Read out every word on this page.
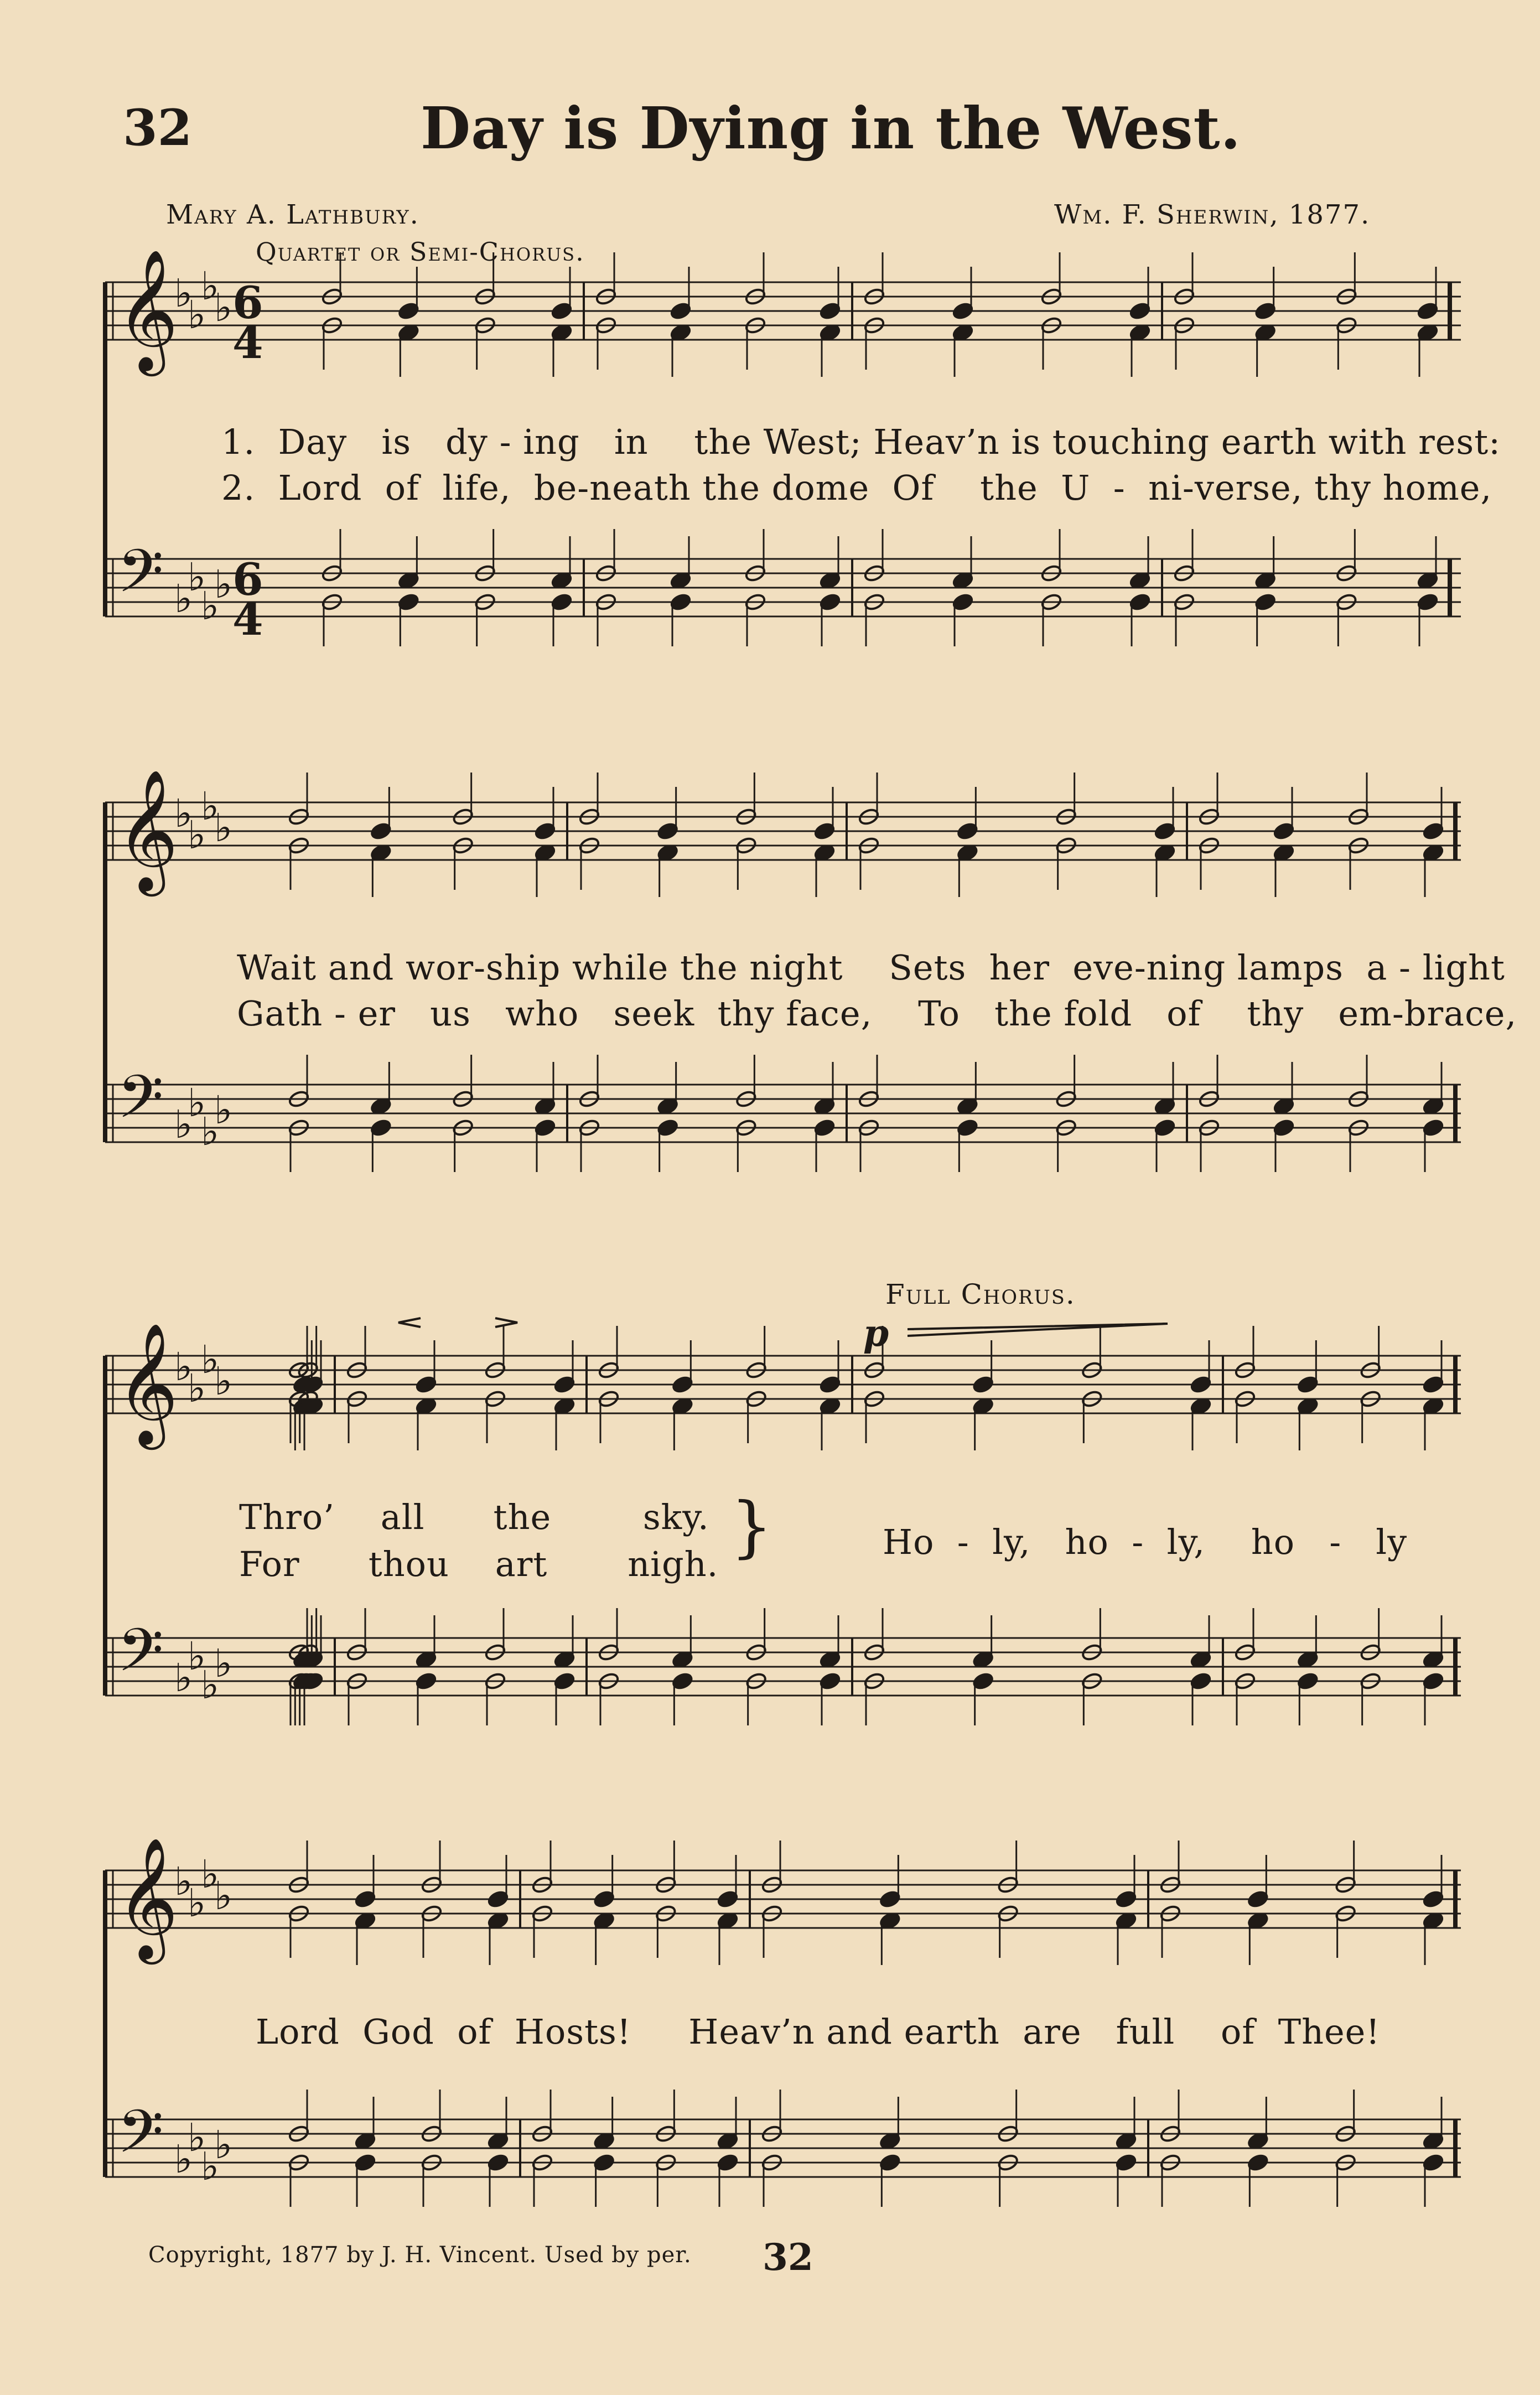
32	Day is Dying in the West.
Mary A. Lathbury.	Wm. F. Sherwin, 1877.
Quartet or Semi-Chorus.
𝄞
𝄢
♭
♭
♭
♭
♭
♭
♭
♭
𝄞
𝄢
♭
♭
♭
♭
♭
♭
♭
♭
𝄞
𝄢
♭
♭
♭
♭
♭
♭
♭
♭
𝄞
𝄢
♭
♭
♭
♭
♭
♭
♭
♭
6
4
6
4
1.  Day   is   dy - ing   in    the West; Heav’n is touching earth with rest:
2.  Lord  of  life,  be-neath the dome  Of    the  U  -  ni-verse, thy home,
Wait and wor-ship while the night    Sets  her  eve-ning lamps  a - light
Gath - er   us   who   seek  thy face,    To   the fold   of    thy   em-brace,
Full Chorus.
p
Thro’    all      the        sky.
For      thou    art       nigh. }	Ho  -  ly,   ho  -  ly,    ho   -   ly
Lord  God  of  Hosts!     Heav’n and earth  are   full    of  Thee!
Copyright, 1877 by J. H. Vincent. Used by per. 32
